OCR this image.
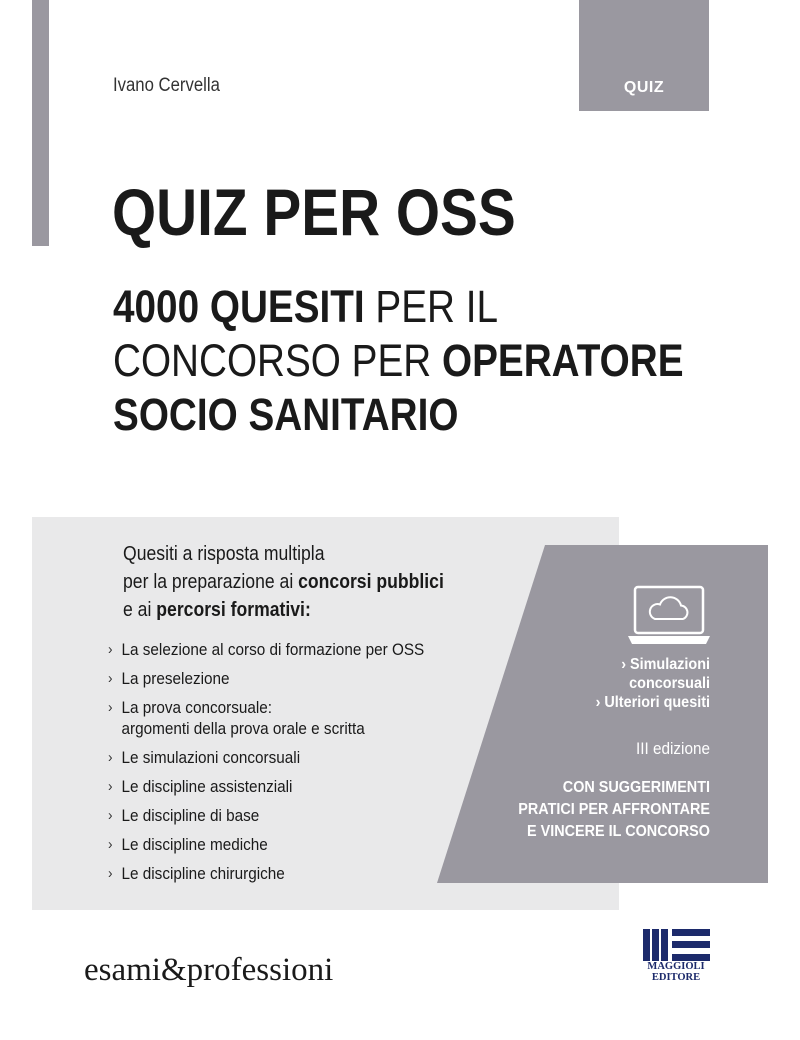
QUIZ
Ivano Cervella
QUIZ PER OSS
4000 QUESITI PER IL
CONCORSO PER OPERATORE
SOCIO SANITARIO
Quesiti a risposta multipla
per la preparazione ai concorsi pubblici
e ai percorsi formativi:
› La selezione al corso di formazione per OSS
› La preselezione
› La prova concorsuale:
argomenti della prova orale e scritta
› Le simulazioni concorsuali
› Le discipline assistenziali
› Le discipline di base
› Le discipline mediche
› Le discipline chirurgiche
› Simulazioni
concorsuali
› Ulteriori quesiti
III edizione
CON SUGGERIMENTI
PRATICI PER AFFRONTARE
E VINCERE IL CONCORSO
esami&professioni	MAGGIOLI
EDITORE
